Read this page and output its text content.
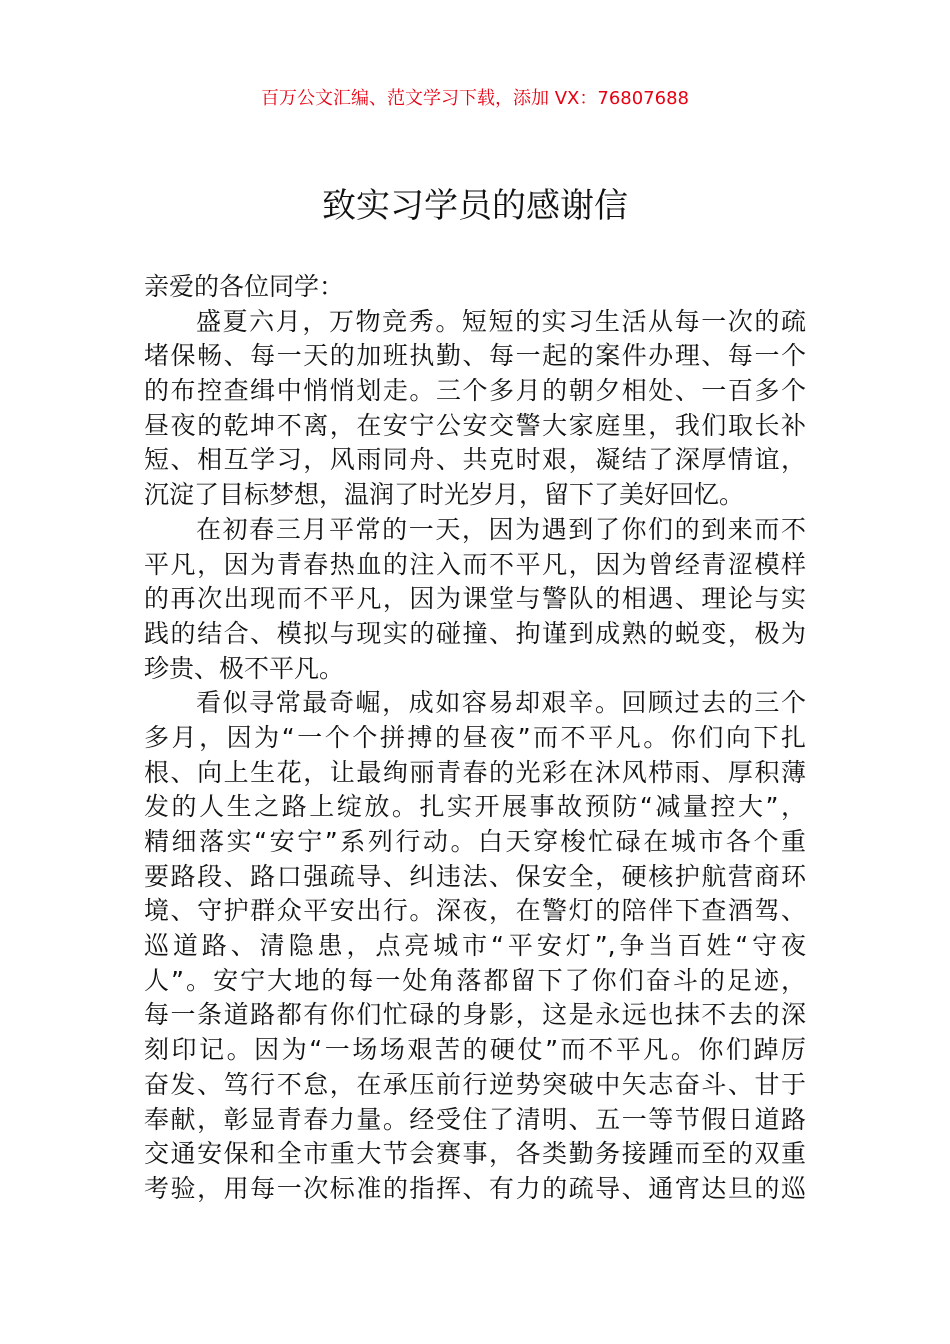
百万公文汇编、范文学习下载，添加 VX：76807688
致实习学员的感谢信
亲爱的各位同学：
盛夏六月，万物竞秀。短短的实习生活从每一次的疏
堵保畅、每一天的加班执勤、每一起的案件办理、每一个
的布控查缉中悄悄划走。三个多月的朝夕相处、一百多个
昼夜的乾坤不离，在安宁公安交警大家庭里，我们取长补
短、相互学习，风雨同舟、共克时艰，凝结了深厚情谊，
沉淀了目标梦想，温润了时光岁月，留下了美好回忆。
在初春三月平常的一天，因为遇到了你们的到来而不
平凡，因为青春热血的注入而不平凡，因为曾经青涩模样
的再次出现而不平凡，因为课堂与警队的相遇、理论与实
践的结合、模拟与现实的碰撞、拘谨到成熟的蜕变，极为
珍贵、极不平凡。
看似寻常最奇崛，成如容易却艰辛。回顾过去的三个
多月，因为“一个个拼搏的昼夜”而不平凡。你们向下扎
根、向上生花，让最绚丽青春的光彩在沐风栉雨、厚积薄
发的人生之路上绽放。扎实开展事故预防“减量控大”，
精细落实“安宁”系列行动。白天穿梭忙碌在城市各个重
要路段、路口强疏导、纠违法、保安全，硬核护航营商环
境、守护群众平安出行。深夜，在警灯的陪伴下查酒驾、
巡道路、清隐患，点亮城市“平安灯”,争当百姓“守夜
人”。安宁大地的每一处角落都留下了你们奋斗的足迹，
每一条道路都有你们忙碌的身影，这是永远也抹不去的深
刻印记。因为“一场场艰苦的硬仗”而不平凡。你们踔厉
奋发、笃行不怠，在承压前行逆势突破中矢志奋斗、甘于
奉献，彰显青春力量。经受住了清明、五一等节假日道路
交通安保和全市重大节会赛事，各类勤务接踵而至的双重
考验，用每一次标准的指挥、有力的疏导、通宵达旦的巡
